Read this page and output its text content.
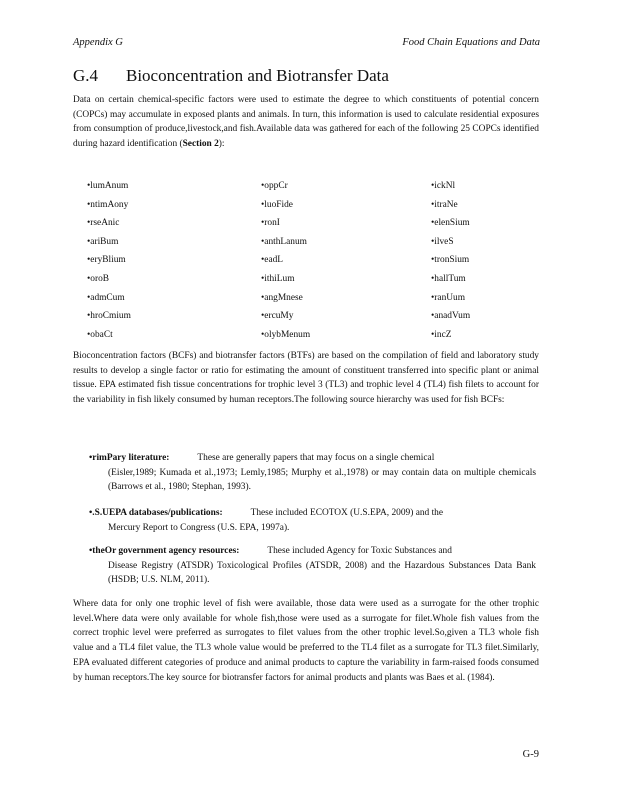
Appendix G	Food Chain Equations and Data
G.4 Bioconcentration and Biotransfer Data

Data on certain chemical-specific factors were used to estimate the degree to which constituents of potential concern (COPCs) may accumulate in exposed plants and animals. In turn, this information is used to calculate residential exposures from consumption of produce,livestock,and fish.Available data was gathered for each of the following 25 COPCs identified during hazard identification (Section 2):

•lumAnum
•ntimAony
•rseAnic
•ariBum
•eryBlium
•oroB
•admCum
•hroCmium
•obaCt
•oppCr
•luoFide
•ronI
•anthLanum
•eadL
•ithiLum
•angMnese
•ercuMy
•olybMenum
•ickNl
•itraNe
•elenSium
•ilveS
•tronSium
•hallTum
•ranUum
•anadVum
•incZ

Bioconcentration factors (BCFs) and biotransfer factors (BTFs) are based on the compilation of field and laboratory study results to develop a single factor or ratio for estimating the amount of constituent transferred into specific plant or animal tissue. EPA estimated fish tissue concentrations for trophic level 3 (TL3) and trophic level 4 (TL4) fish filets to account for the variability in fish likely consumed by human receptors.The following source hierarchy was used for fish BCFs:

•rimPary literature:	These are generally papers that may focus on a single chemical
(Eisler,1989; Kumada et al.,1973; Lemly,1985; Murphy et al.,1978) or may contain data on multiple chemicals (Barrows et al., 1980; Stephan, 1993).
•.S.UEPA databases/publications:	These included ECOTOX (U.S.EPA, 2009) and the
Mercury Report to Congress (U.S. EPA, 1997a).
•theOr government agency resources:	These included Agency for Toxic Substances and
Disease Registry (ATSDR) Toxicological Profiles (ATSDR, 2008) and the Hazardous Substances Data Bank (HSDB; U.S. NLM, 2011).

Where data for only one trophic level of fish were available, those data were used as a surrogate for the other trophic level.Where data were only available for whole fish,those were used as a surrogate for filet.Whole fish values from the correct trophic level were preferred as surrogates to filet values from the other trophic level.So,given a TL3 whole fish value and a TL4 filet value, the TL3 whole value would be preferred to the TL4 filet as a surrogate for TL3 filet.Similarly, EPA evaluated different categories of produce and animal products to capture the variability in farm-raised foods consumed by human receptors.The key source for biotransfer factors for animal products and plants was Baes et al. (1984).

G-9
